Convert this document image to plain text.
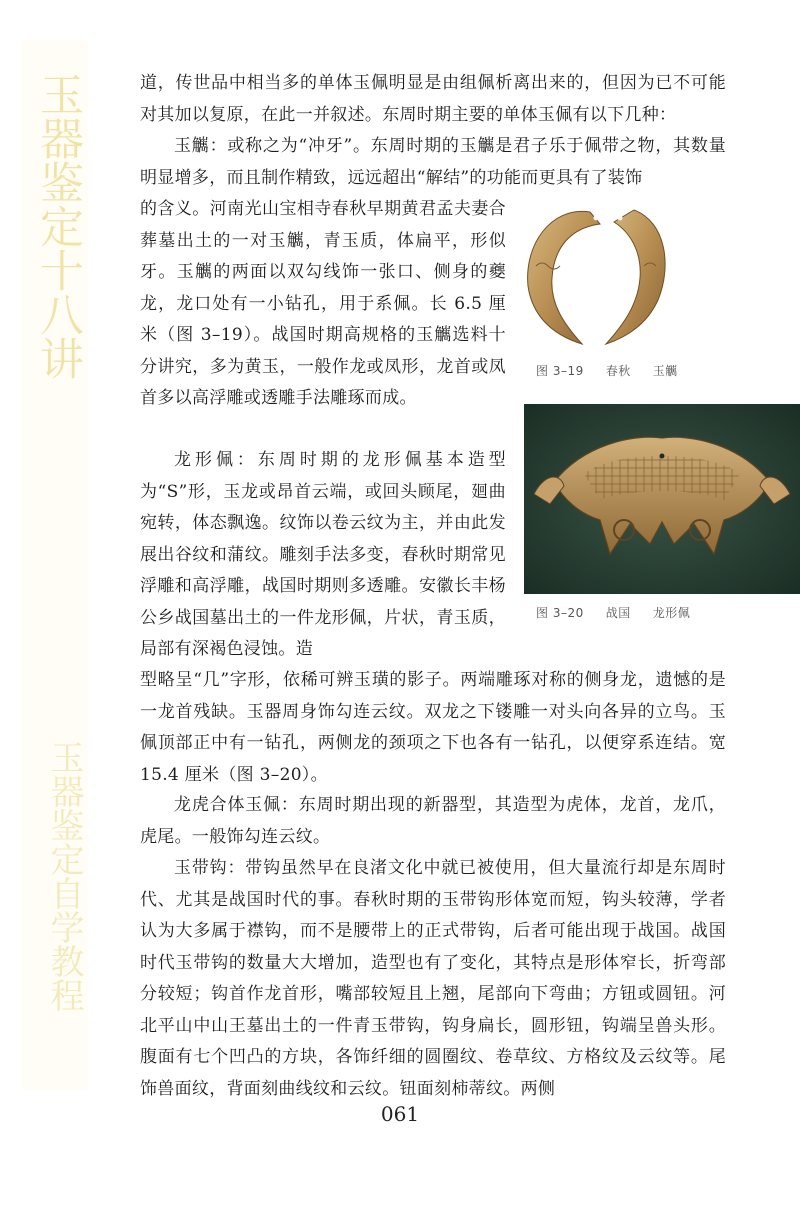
玉器鉴定十八讲
玉器鉴定自学教程

道，传世品中相当多的单体玉佩明显是由组佩析离出来的，但因为已不可能对其加以复原，在此一并叙述。东周时期主要的单体玉佩有以下几种：

玉觽：或称之为“冲牙”。东周时期的玉觽是君子乐于佩带之物，其数量明显增多，而且制作精致，远远超出“解结”的功能而更具有了装饰

的含义。河南光山宝相寺春秋早期黄君孟夫妻合葬墓出土的一对玉觽，青玉质，体扁平，形似牙。玉觽的两面以双勾线饰一张口、侧身的夔龙，龙口处有一小钻孔，用于系佩。长 6.5 厘米（图 3–19）。战国时期高规格的玉觽选料十分讲究，多为黄玉，一般作龙或凤形，龙首或凤首多以高浮雕或透雕手法雕琢而成。

龙形佩：东周时期的龙形佩基本造型为“S”形，玉龙或昂首云端，或回头顾尾，廻曲宛转，体态飘逸。纹饰以卷云纹为主，并由此发展出谷纹和蒲纹。雕刻手法多变，春秋时期常见浮雕和高浮雕，战国时期则多透雕。安徽长丰杨公乡战国墓出土的一件龙形佩，片状，青玉质，局部有深褐色浸蚀。造

型略呈“几”字形，依稀可辨玉璜的影子。两端雕琢对称的侧身龙，遗憾的是一龙首残缺。玉器周身饰勾连云纹。双龙之下镂雕一对头向各异的立鸟。玉佩顶部正中有一钻孔，两侧龙的颈项之下也各有一钻孔，以便穿系连结。宽 15.4 厘米（图 3–20）。

龙虎合体玉佩：东周时期出现的新器型，其造型为虎体，龙首，龙爪，虎尾。一般饰勾连云纹。

玉带钩：带钩虽然早在良渚文化中就已被使用，但大量流行却是东周时代、尤其是战国时代的事。春秋时期的玉带钩形体宽而短，钩头较薄，学者认为大多属于襟钩，而不是腰带上的正式带钩，后者可能出现于战国。战国时代玉带钩的数量大大增加，造型也有了变化，其特点是形体窄长，折弯部分较短；钩首作龙首形，嘴部较短且上翘，尾部向下弯曲；方钮或圆钮。河北平山中山王墓出土的一件青玉带钩，钩身扁长，圆形钮，钩端呈兽头形。腹面有七个凹凸的方块，各饰纤细的圆圈纹、卷草纹、方格纹及云纹等。尾饰兽面纹，背面刻曲线纹和云纹。钮面刻柿蒂纹。两侧

图 3–19 春秋 玉觽
图 3–20 战国 龙形佩
061
